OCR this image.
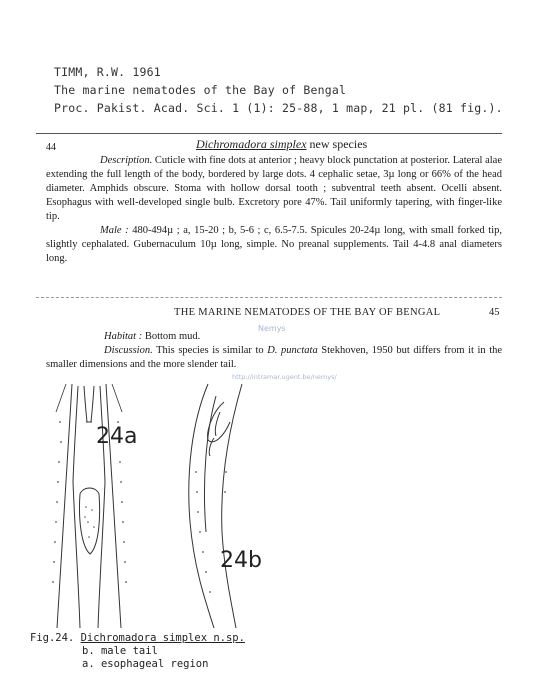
TIMM, R.W. 1961
The marine nematodes of the Bay of Bengal
Proc. Pakist. Acad. Sci. 1 (1): 25-88, 1 map, 21 pl. (81 fig.).
44	Dichromadora simplex new species

Description. Cuticle with fine dots at anterior ; heavy block punctation at posterior. Lateral alae extending the full length of the body, bordered by large dots. 4 cephalic setae, 3µ long or 66% of the head diameter. Amphids obscure. Stoma with hollow dorsal tooth ; subventral teeth absent. Ocelli absent. Esophagus with well-developed single bulb. Excretory pore 47%. Tail uniformly tapering, with finger-like tip.

Male : 480-494µ ; a, 15-20 ; b, 5-6 ; c, 6.5-7.5. Spicules 20-24µ long, with small forked tip, slightly cephalated. Gubernaculum 10µ long, simple. No preanal supplements. Tail 4-4.8 anal diameters long.

THE MARINE NEMATODES OF THE BAY OF BENGAL	45

Habitat : Bottom mud.

Discussion. This species is similar to D. punctata Stekhoven, 1950 but differs from it in the smaller dimensions and the more slender tail.

Nemys
http://intramar.ugent.be/nemys/
24a
24b
Fig.24. Dichromadora simplex n.sp.
b. male tail
a. esophageal region
